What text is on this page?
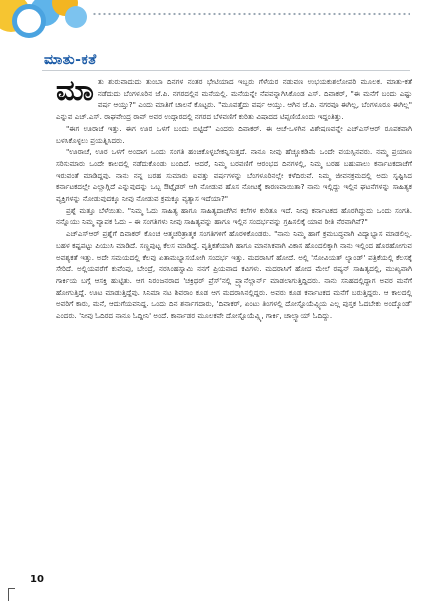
ಮಾತು-ಕತೆ
ಮಾ ತು ಶುರುವಾದುದು ತುಂಬಾ ದಿನಗಳ ನಂತರ ಭೇಟಿಯಾದ ಇಬ್ಬರು ಗೆಳೆಯರ ನಡುವಣ ಉಭಯಕುಶಲೋಪರಿ ಮೂಲಕ. ಮಾತು-ಕತೆ ನಡೆದುದು ಬೆಂಗಳೂರಿನ ಜೆ.ಪಿ. ನಗರದಲ್ಲಿನ ಮನೆಯಲ್ಲಿ. ಮನೆಯನ್ನೇ ನೆಪವನ್ನಾಗಿಸಿಕೊಂಡ ಎಸ್. ದಿವಾಕರ್, "ಈ ಮನೆಗೆ ಬಂದು ಎಷ್ಟು ವರ್ಷ ಆಯ್ತು?" ಎಂದು ಮಾತಿಗೆ ಚಾಲನೆ ಕೊಟ್ಟರು. "ಮೂವತ್ತೈದು ವರ್ಷ ಆಯ್ತು. ಆಗಿನ ಜೆ.ಪಿ. ನಗರವೂ ಈಗಿಲ್ಲ, ಬೆಂಗಳೂರೂ ಈಗಿಲ್ಲ" ಎನ್ನುವ ಎಚ್.ಎಸ್. ರಾಘವೇಂದ್ರ ರಾವ್ ಅವರ ಉದ್ಗಾರದಲ್ಲಿ ನಗರದ ಬೆಳವಣಿಗೆ ಕುರಿತು ವಿಷಾದದ ಟಿಪ್ಪಣಿಯೊಂದು ಇದ್ದಂತಿತ್ತು.

"ಈಗ ಊರಾಚೆ ಇತ್ತು. ಈಗ ಊರ ಒಳಗೆ ಬಂದು ಬಿಟ್ಟಿದೆ" ಎಂದರು ದಿವಾಕರ್. ಈ ಆಚೆ-ಒಳಗಿನ ವಿಶೇಷಣವನ್ನೇ ಎಚ್ಎಸ್ಆರ್ ರೂಪಕವಾಗಿ ಬಳಸಿಕೊಳ್ಳಲು ಪ್ರಯತ್ನಿಸಿದರು.

"ಊರಾಚೆ, ಊರ ಒಳಗೆ ಅಂದಾಗ ಒಂದು ಸಂಗತಿ ಹಂಚಿಕೊಳ್ಳಬೇಕನ್ನಿಸುತ್ತದೆ. ನಾನೂ ನೀವು ಹೆಚ್ಚೂಕಡಿಮೆ ಒಂದೇ ವಯಸ್ಸಿನವರು. ನಮ್ಮ ಪ್ರಯಾಣ ಸರಿಸುಮಾರು ಒಂದೇ ಕಾಲದಲ್ಲಿ ನಡೆದುಕೊಂಡು ಬಂದಿದೆ. ಆದರೆ, ನಿಮ್ಮ ಬರವಣಿಗೆ ಆರಂಭದ ದಿನಗಳಲ್ಲಿ, ನಿಮ್ಮ ಬರಹ ಬಹುಪಾಲು ಕರ್ನಾಟಕದಾಚೆಗೆ ಇರುವಂತೆ ಮಾಡಿದ್ದವು. ನಾನು ನನ್ನ ಬರಹ ಸುಮಾರು ಐವತ್ತು ವರ್ಷಗಳನ್ನು ಬೆಂಗಳೂರಿನಲ್ಲೇ ಕಳೆದಿರುವೆ. ನಿಮ್ಮ ಜೀವನಕ್ರಮದಲ್ಲಿ ಅದು ಸೃಷ್ಟಿಸಿದ ಕರ್ನಾಟಕದಲ್ಲೇ ಎಲ್ಲಾಗ್ಲಿದೆ ಎನ್ನುವುದನ್ನು ಒಬ್ಬ ಔಟ್ಸೈಡರ್ ಆಗಿ ನೋಡುವ ಹೊಸ ನೋಟಕ್ಕೆ ಕಾರಣವಾಯಿತಾ? ನಾನು ಇಲ್ಲಿದ್ದು ಇಲ್ಲಿನ ಘಟನೆಗಳನ್ನು ಸಾಹಿತ್ಯಕ ವ್ಯಕ್ತಿಗಳನ್ನು ನೋಡುವುದಕ್ಕೂ ನೀವು ನೋಡುವ ಕ್ರಮಕ್ಕೂ ವ್ಯತ್ಯಾಸ ಇದೆಯಾ?"

ಪ್ರಶ್ನೆ ಮತ್ತೂ ಬೆಳೆಯಿತು. "ನಿಮ್ಮ ಓದು ಸಾಹಿತ್ಯ ಹಾಗೂ ಸಾಹಿತ್ಯದಾಚೆಗಿನ ಕಲೆಗಳ ಕುರಿತೂ ಇದೆ. ನೀವು ಕರ್ನಾಟಕದ ಹೊರಗಿದ್ದುದು ಒಂದು ಸಂಗತಿ. ನನ್ನೊಯು ನಿಮ್ಮ ವ್ಯಾಪಕ ಓದು – ಈ ಸಂಗತಿಗಳು ನೀವು ಸಾಹಿತ್ಯವನ್ನು ಹಾಗೂ ಇಲ್ಲಿನ ಸಂದರ್ಭವನ್ನು ಗ್ರಹಿಸಲಿಕ್ಕೆ ಯಾವ ರೀತಿ ನೆರವಾಗಿವೆ?"

ಎಚ್ಎಸ್ಆರ್ ಪ್ರಶ್ನೆಗೆ ದಿವಾಕರ್ ಕೊಂಚ ಆತ್ಮಚರಿತ್ರಾತ್ಮಕ ಸಂಗತಿಗಳಿಗೆ ಹೊರಳಿಕೊಂಡರು. "ನಾನು ನಿಮ್ಮ ಹಾಗೆ ಕ್ರಮಬದ್ಧವಾಗಿ ವಿದ್ಯಾಭ್ಯಾಸ ಮಾಡಲಿಲ್ಲ. ಬಹಳ ಕಷ್ಟಪಟ್ಟು ಪಿಯುಸಿ ಮಾಡಿದೆ. ಸಣ್ಣಪುಟ್ಟ ಕೆಲಸ ಮಾಡಿದ್ದೆ. ವೃತ್ತಿಕತೆಯಾಗಿ ಹಾಗೂ ಮಾನಸಿಕವಾಗಿ ವಿಕಾಸ ಹೊಂದಲಿಕ್ಕಾಗಿ ನಾನು ಇಲ್ಲಿಂದ ಹೊರಹೋಗುವ ಅವಶ್ಯಕತೆ ಇತ್ತು. ಅದೇ ಸಮಯದಲ್ಲಿ ಕೆಲವು ಏತಾಮಭ್ಯಾಸಯೋಗಿ ಸಂದರ್ಭ ಇತ್ತು. ಮದರಾಸಿಗೆ ಹೋದೆ. ಅಲ್ಲಿ 'ಸೋವಿಯತ್ ಲ್ಯಾಂಡ್' ಪತ್ರಿಕೆಯಲ್ಲಿ ಕೆಲಸಕ್ಕೆ ಸೇರಿದೆ. ಅಲ್ಲಿಯವರೆಗೆ ಕುವೆಂಪು, ಬೇಂದ್ರೆ, ನರಸಿಂಹಸ್ವಾಮಿ ನನಗೆ ಪ್ರಿಯವಾದ ಕವಿಗಳು. ಮದರಾಸಿಗೆ ಹೋದ ಮೇಲೆ ರಷ್ಯನ್ ಸಾಹಿತ್ಯದಲ್ಲಿ, ಮುಖ್ಯವಾಗಿ ಗಾರ್ಕಿಯ ಬಗ್ಗೆ ಆಸಕ್ತಿ ಹುಟ್ಟಿತು. ಆಗ ನಿರಂಜನರಾದ 'ಚಕ್ರಿಧರ್ ಪ್ರೆಸ್'ನಲ್ಲಿ ಪ್ರ್ಯಾನೆಲ್ಲಾರ್ನ್ ಮಾಡಲಾಗುತ್ತಿದ್ದಿದರು. ನಾನು ಸನಿಹದಲ್ಲಿದ್ದಾಗ ಅವರ ಮನೆಗೆ ಹೋಗುತ್ತಿದ್ದೆ. ಊಟ ಮಾಡುತ್ತಿದ್ದೆವು. ಸಿನಿಮಾ ನಟ ಶಿವರಾಂ ಕೂಡ ಆಗ ಮದರಾಸಿನಲ್ಲಿದ್ದರು. ಅವರು ಕೂಡ ಕರ್ನಾಟಕದ ಮನೆಗೆ ಬರುತ್ತಿದ್ದರು. ಆ ಕಾಲದಲ್ಲಿ ಅವರಿಗೆ ಕಾರು, ಮನೆ, ಆದುಗೆಯವನಿದ್ದ. ಒಂದು ದಿನ ಶರ್ನಾಗದಾರು, 'ದಿವಾಕರ್, ಏಂಟು ತಿಂಗಳಲ್ಲಿ ದೋಸ್ಟೊಯೆವ್ಸ್ಕಿಯ ಎಲ್ಲ ಪುಸ್ತಕ ಓದಬೇಕು ಅಂದ್ಕೊಂಡೆ' ಎಂದರು. 'ನೀವು ಓದಿರದ ನಾನೂ ಓದ್ದೀನಿ' ಅಂದೆ. ಕಾರ್ನಾಡರ ಮೂಲಕವೇ ದೋಸ್ಟೊಯೆವ್ಸ್ಕಿ, ಗಾರ್ಕಿ, ಚಾಲ್ಸ್ಟಾಯ್ ಓದಿದ್ದು.

10
